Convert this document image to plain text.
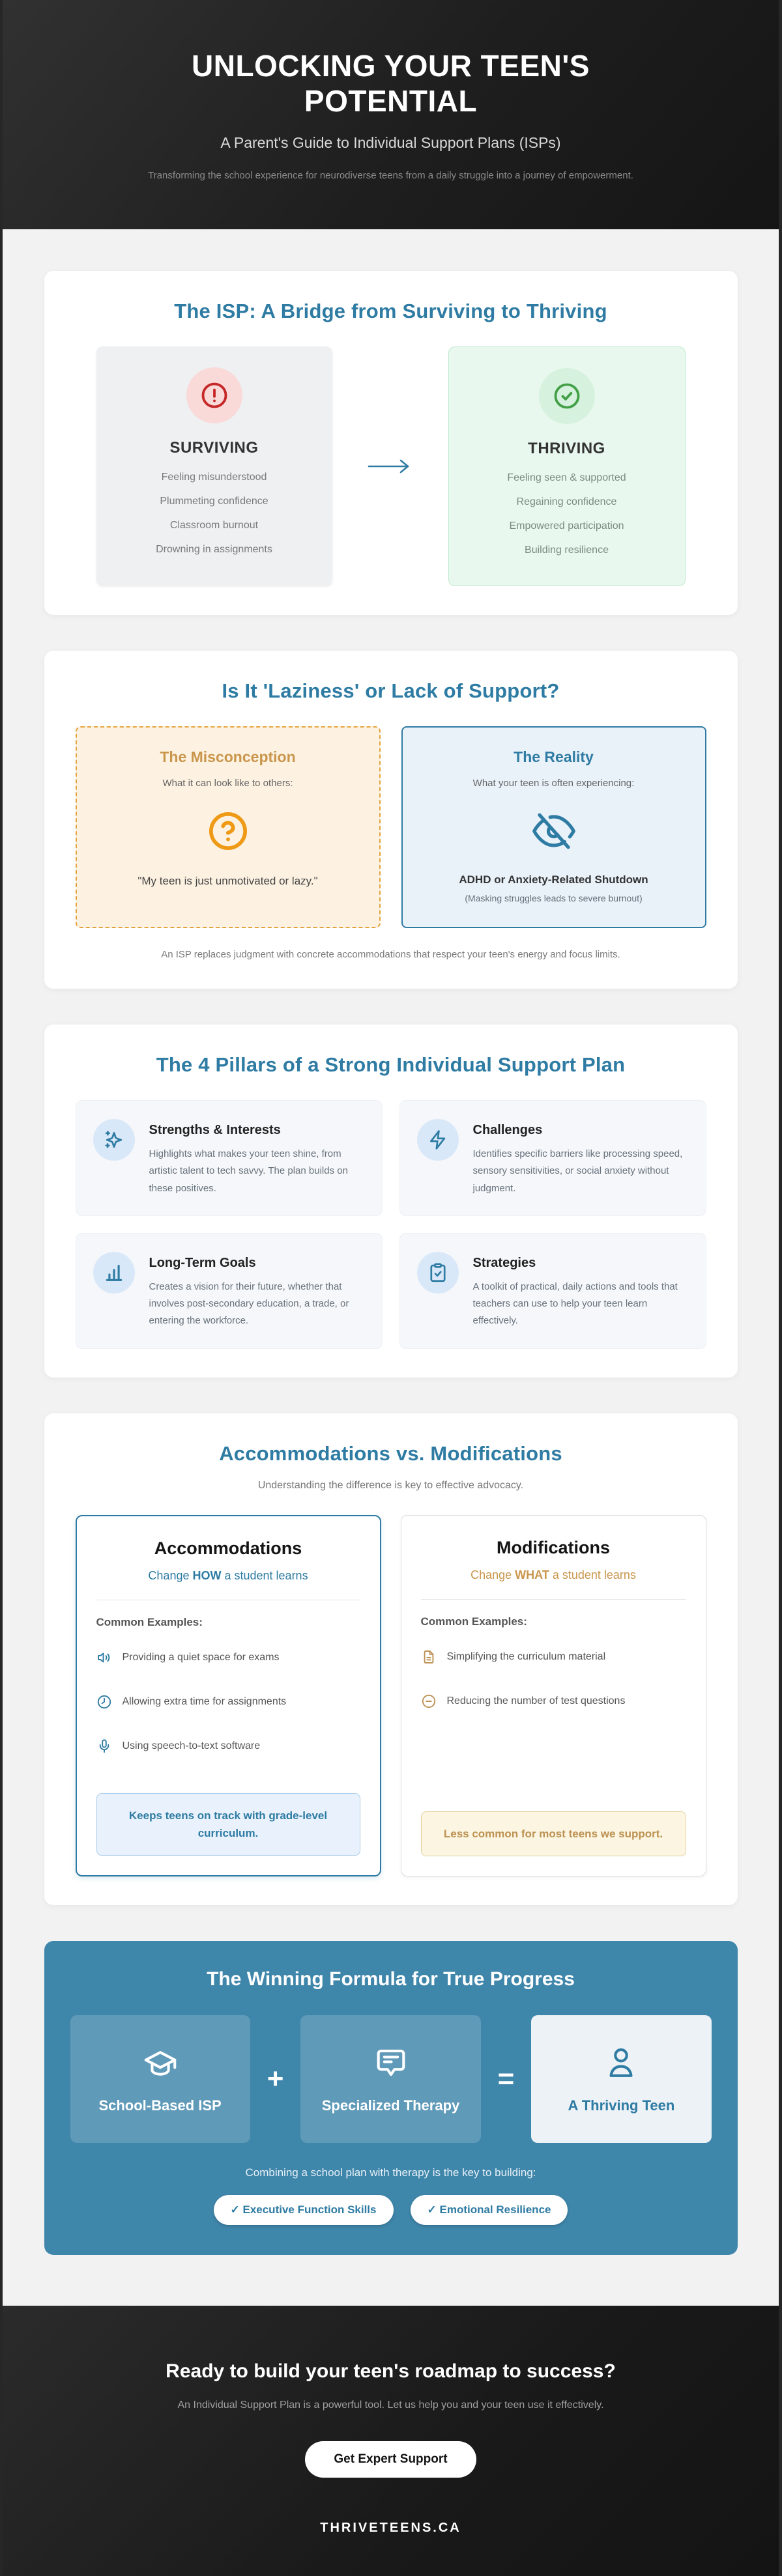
UNLOCKING YOUR TEEN'S POTENTIAL
A Parent's Guide to Individual Support Plans (ISPs)
Transforming the school experience for neurodiverse teens from a daily struggle into a journey of empowerment.
The ISP: A Bridge from Surviving to Thriving
SURVIVING
Feeling misunderstood
Plummeting confidence
Classroom burnout
Drowning in assignments
THRIVING
Feeling seen & supported
Regaining confidence
Empowered participation
Building resilience
Is It 'Laziness' or Lack of Support?
The Misconception
What it can look like to others:
"My teen is just unmotivated or lazy."
The Reality
What your teen is often experiencing:
ADHD or Anxiety-Related Shutdown
(Masking struggles leads to severe burnout)
An ISP replaces judgment with concrete accommodations that respect your teen's energy and focus limits.
The 4 Pillars of a Strong Individual Support Plan
Strengths & Interests
Highlights what makes your teen shine, from artistic talent to tech savvy. The plan builds on these positives.
Challenges
Identifies specific barriers like processing speed, sensory sensitivities, or social anxiety without judgment.
Long-Term Goals
Creates a vision for their future, whether that involves post-secondary education, a trade, or entering the workforce.
Strategies
A toolkit of practical, daily actions and tools that teachers can use to help your teen learn effectively.
Accommodations vs. Modifications
Understanding the difference is key to effective advocacy.
Accommodations
Change HOW a student learns
Common Examples:
Providing a quiet space for exams
Allowing extra time for assignments
Using speech-to-text software
Keeps teens on track with grade-level curriculum.
Modifications
Change WHAT a student learns
Common Examples:
Simplifying the curriculum material
Reducing the number of test questions
Less common for most teens we support.
The Winning Formula for True Progress
School-Based ISP
+
Specialized Therapy
=
A Thriving Teen
Combining a school plan with therapy is the key to building:
✓ Executive Function Skills	✓ Emotional Resilience
Ready to build your teen's roadmap to success?
An Individual Support Plan is a powerful tool. Let us help you and your teen use it effectively.
Get Expert Support
THRIVETEENS.CA
